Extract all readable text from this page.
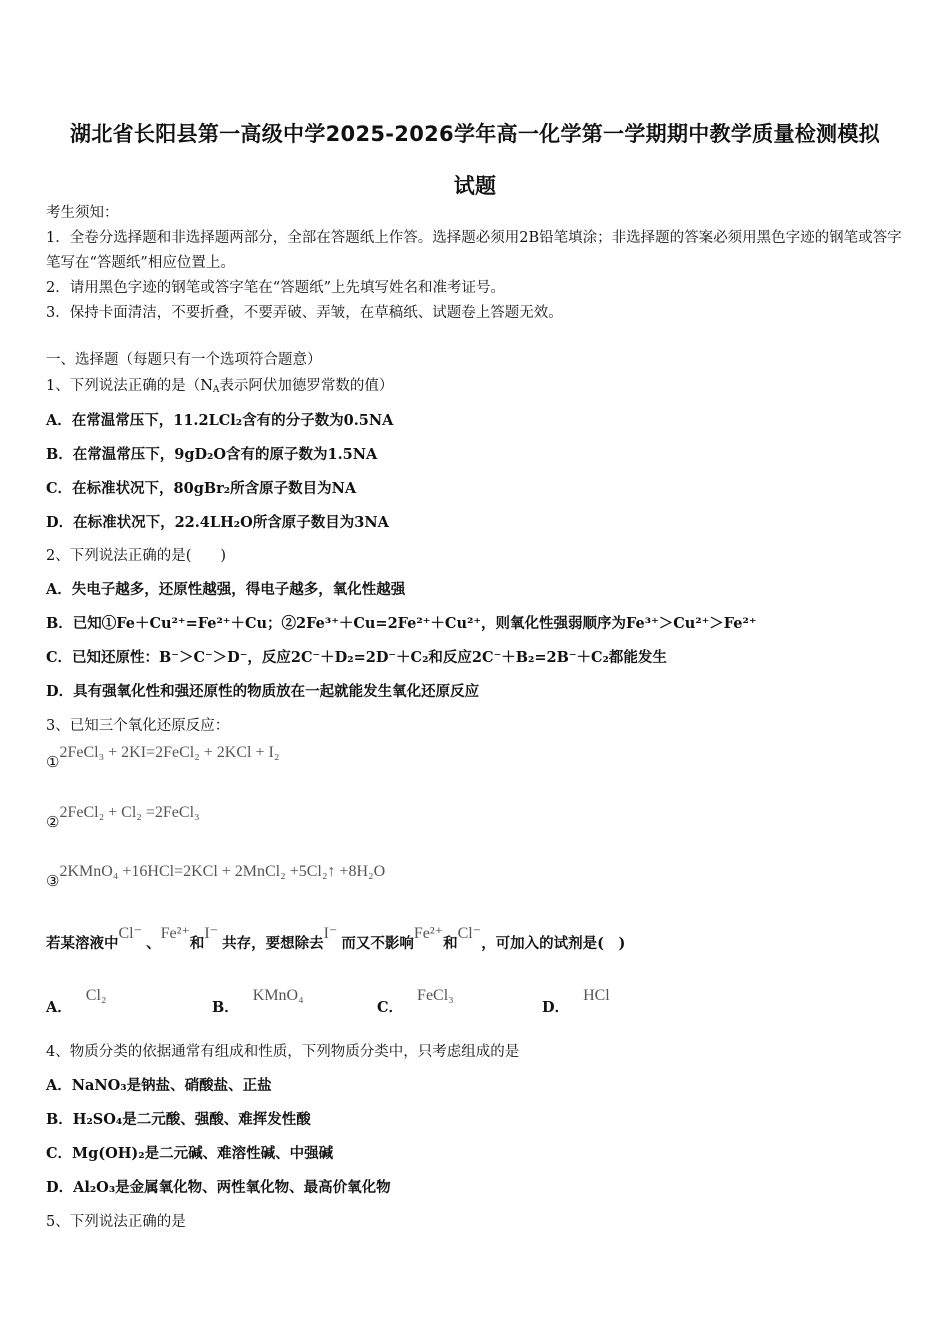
湖北省长阳县第一高级中学2025-2026学年高一化学第一学期期中教学质量检测模拟
试题
考生须知：
1．全卷分选择题和非选择题两部分，全部在答题纸上作答。选择题必须用2B铅笔填涂；非选择题的答案必须用黑色字迹的钢笔或答字笔写在“答题纸”相应位置上。
2．请用黑色字迹的钢笔或答字笔在“答题纸”上先填写姓名和准考证号。
3．保持卡面清洁，不要折叠，不要弄破、弄皱，在草稿纸、试题卷上答题无效。
一、选择题（每题只有一个选项符合题意）
1、下列说法正确的是（$N_A$表示阿伏加德罗常数的值）
A．在常温常压下，11.2LCl₂含有的分子数为0.5NA
B．在常温常压下，9gD₂O含有的原子数为1.5NA
C．在标准状况下，80gBr₂所含原子数目为NA
D．在标准状况下，22.4LH₂O所含原子数目为3NA
2、下列说法正确的是(　　)
A．失电子越多，还原性越强，得电子越多，氧化性越强
B．已知①Fe＋Cu²⁺=Fe²⁺＋Cu；②2Fe³⁺＋Cu=2Fe²⁺＋Cu²⁺，则氧化性强弱顺序为Fe³⁺＞Cu²⁺＞Fe²⁺
C．已知还原性：B⁻＞C⁻＞D⁻，反应2C⁻＋D₂=2D⁻＋C₂和反应2C⁻＋B₂=2B⁻＋C₂都能发生
D．具有强氧化性和强还原性的物质放在一起就能发生氧化还原反应
3、已知三个氧化还原反应：
①2FeCl₃ + 2KI=2FeCl₂ + 2KCl + I₂
②2FeCl₂ + Cl₂ =2FeCl₃
③2KMnO₄ +16HCl=2KCl + 2MnCl₂ +5Cl₂↑ +8H₂O
若某溶液中Cl⁻、Fe²⁺和I⁻共存，要想除去I⁻而又不影响Fe²⁺和Cl⁻，可加入的试剂是(　)
A．Cl₂
B．KMnO₄
C．FeCl₃
D．HCl
4、物质分类的依据通常有组成和性质，下列物质分类中，只考虑组成的是
A．NaNO₃是钠盐、硝酸盐、正盐
B．H₂SO₄是二元酸、强酸、难挥发性酸
C．Mg(OH)₂是二元碱、难溶性碱、中强碱
D．Al₂O₃是金属氧化物、两性氧化物、最高价氧化物
5、下列说法正确的是
